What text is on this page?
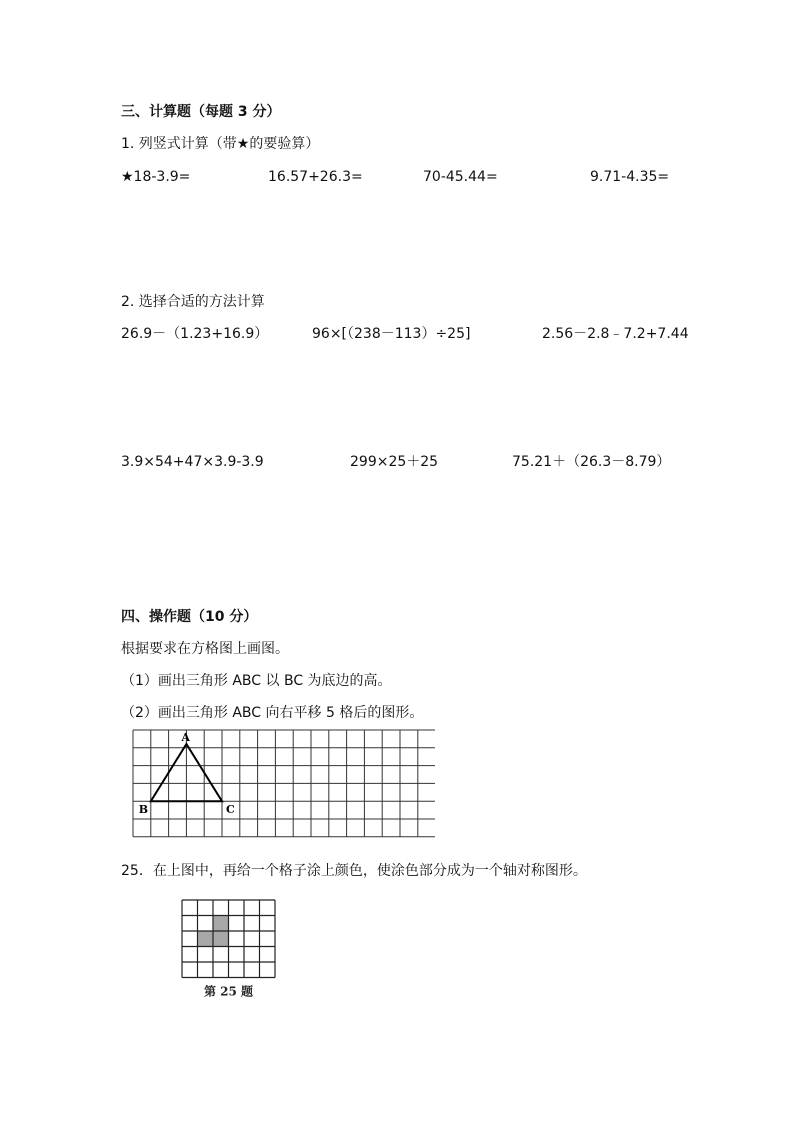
三、计算题（每题 3 分）
1. 列竖式计算（带★的要验算）
★18-3.9=	16.57+26.3=	70-45.44=	9.71-4.35=
2. 选择合适的方法计算
26.9－（1.23+16.9）	96×[（238－113）÷25]	2.56－2.8﹣7.2+7.44
3.9×54+47×3.9-3.9	299×25＋25	75.21＋（26.3－8.79）
四、操作题（10 分）
根据要求在方格图上画图。
（1）画出三角形 ABC 以 BC 为底边的高。
（2）画出三角形 ABC 向右平移 5 格后的图形。
A
B	C
25．在上图中，再给一个格子涂上颜色，使涂色部分成为一个轴对称图形。
第 25 题
